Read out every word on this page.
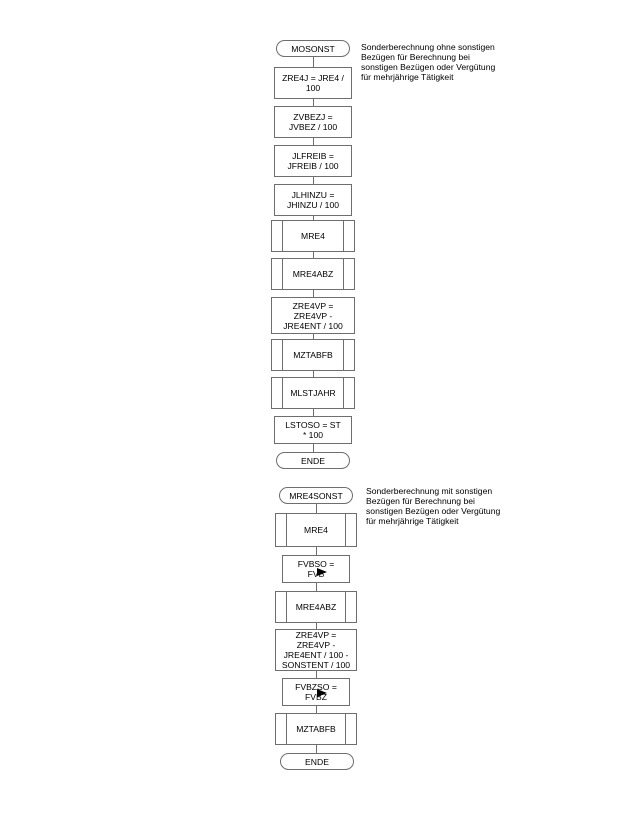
MOSONST	Sonderberechnung ohne sonstigen
Bezügen für Berechnung bei
sonstigen Bezügen oder Vergütung
für mehrjährige Tätigkeit
ZRE4J = JRE4 /
100
ZVBEZJ =
JVBEZ / 100
JLFREIB =
JFREIB / 100
JLHINZU =
JHINZU / 100
MRE4
MRE4ABZ
ZRE4VP =
ZRE4VP -
JRE4ENT / 100
MZTABFB
MLSTJAHR
LSTOSO = ST
* 100
ENDE
MRE4SONST	Sonderberechnung mit sonstigen
Bezügen für Berechnung bei
sonstigen Bezügen oder Vergütung
für mehrjährige Tätigkeit
MRE4
FVBSO =
FVB
MRE4ABZ
ZRE4VP =
ZRE4VP -
JRE4ENT / 100 -
SONSTENT / 100
FVBZSO =
FVBZ
MZTABFB
ENDE
